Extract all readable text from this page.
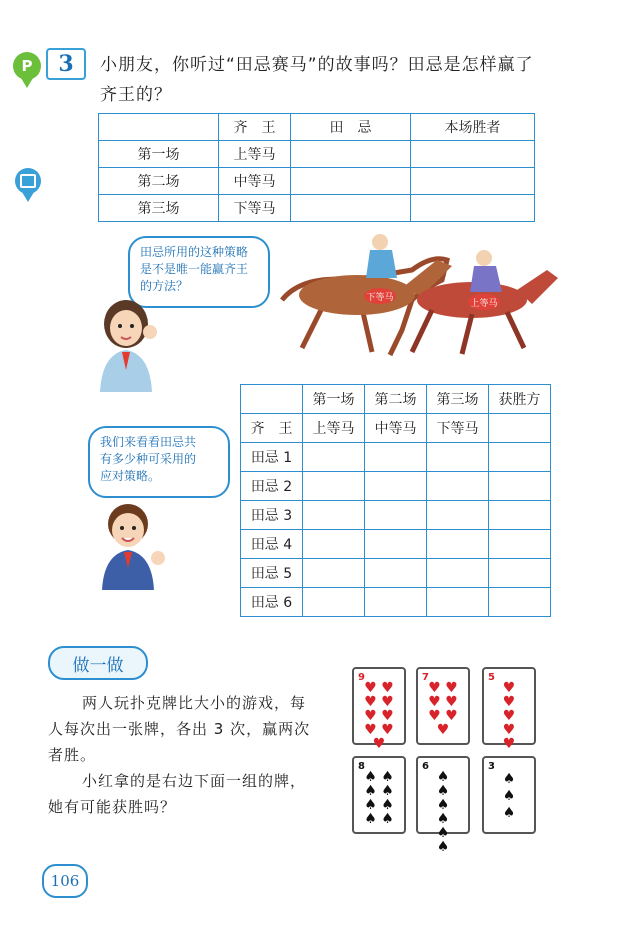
P	3	小朋友，你听过“田忌赛马”的故事吗？田忌是怎样赢了
齐王的？
	齐　王	田　忌	本场胜者
第一场	上等马		
第二场	中等马		
第三场	下等马		
田忌所用的这种策略
是不是唯一能赢齐王
的方法？
下等马
上等马
	第一场	第二场	第三场	获胜方
齐　王	上等马	中等马	下等马	
田忌 1				
田忌 2				
田忌 3				
田忌 4				
田忌 5				
田忌 6				
我们来看看田忌共
有多少种可采用的
应对策略。
做一做
两人玩扑克牌比大小的游戏，每人每次出一张牌，各出 3 次，赢两次者胜。
小红拿的是右边下面一组的牌，她有可能获胜吗？
9
♥ ♥
♥ ♥
♥ ♥
♥ ♥
♥
7
♥ ♥
♥ ♥
♥ ♥
♥
5
♥
♥
♥
♥
♥
8
♠ ♠
♠ ♠
♠ ♠
♠ ♠
6
♠
♠
♠
♠
♠
♠
3
♠
♠
♠
106
